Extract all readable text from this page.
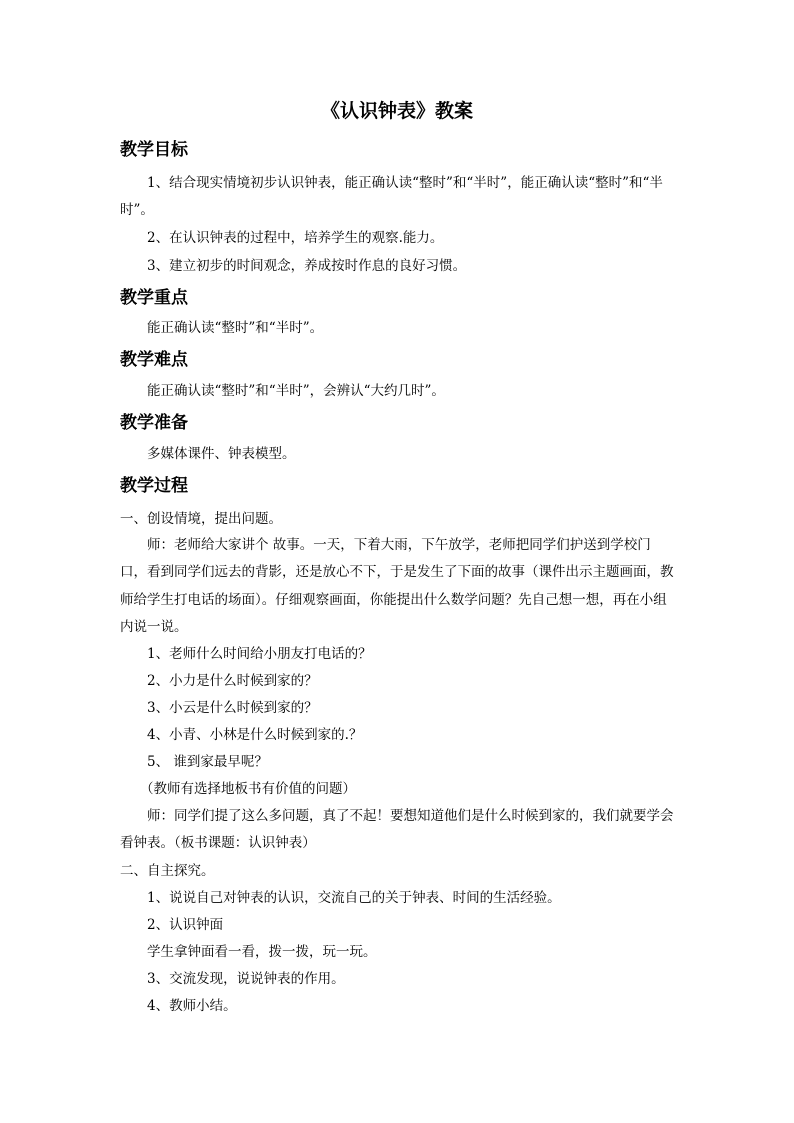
《认识钟表》教案
教学目标

1、结合现实情境初步认识钟表，能正确认读“整时”和“半时”，能正确认读“整时”和“半时”。

2、在认识钟表的过程中，培养学生的观察.能力。
3、建立初步的时间观念，养成按时作息的良好习惯。
教学重点
能正确认读“整时”和“半时”。
教学难点
能正确认读“整时”和“半时”，会辨认“大约几时”。
教学准备
多媒体课件、钟表模型。
教学过程
一、创设情境，提出问题。

师：老师给大家讲个 故事。一天，下着大雨，下午放学，老师把同学们护送到学校门口，看到同学们远去的背影，还是放心不下，于是发生了下面的故事（课件出示主题画面，教师给学生打电话的场面）。仔细观察画面，你能提出什么数学问题？先自己想一想，再在小组内说一说。

1、老师什么时间给小朋友打电话的？
2、小力是什么时候到家的？
3、小云是什么时候到家的？
4、小青、小林是什么时候到家的.？
5、 谁到家最早呢？
（教师有选择地板书有价值的问题）

师：同学们提了这么多问题，真了不起！要想知道他们是什么时候到家的，我们就要学会看钟表。（板书课题：认识钟表）

二、自主探究。
1、说说自己对钟表的认识，交流自己的关于钟表、时间的生活经验。
2、认识钟面
学生拿钟面看一看，拨一拨，玩一玩。
3、交流发现，说说钟表的作用。
4、教师小结。
